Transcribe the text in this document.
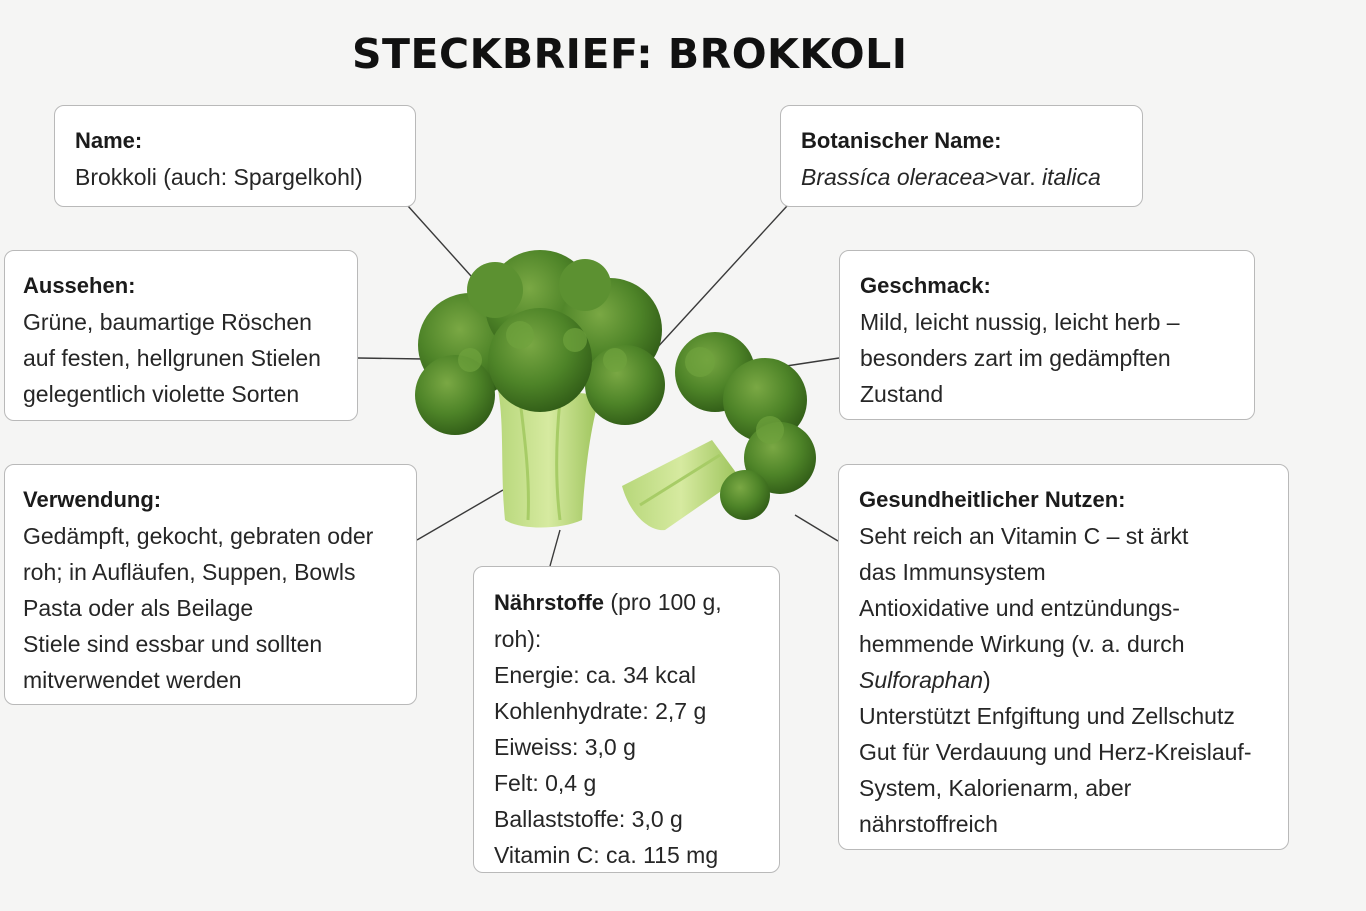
STECKBRIEF: BROKKOLI
Name:
Brokkoli (auch: Spargelkohl)
Botanischer Name:
Brassíca oleracea>var. italica
Aussehen:
Grüne, baumartige Röschen
auf festen, hellgrunen Stielen
gelegentlich violette Sorten
Geschmack:
Mild, leicht nussig, leicht herb –
besonders zart im gedämpften
Zustand
Verwendung:
Gedämpft, gekocht, gebraten oder
roh; in Aufläufen, Suppen, Bowls
Pasta oder als Beilage
Stiele sind essbar und sollten
mitverwendet werden
Nährstoffe (pro 100 g,
roh):
Energie: ca. 34 kcal
Kohlenhydrate: 2,7 g
Eiweiss: 3,0 g
Felt: 0,4 g
Ballaststoffe: 3,0 g
Vitamin C: ca. 115 mg
Gesundheitlicher Nutzen:
Seht reich an Vitamin C – st ärkt
das Immunsystem
Antioxidative und entzündungs-
hemmende Wirkung (v. a. durch
Sulforaphan)
Unterstützt Enfgiftung und Zellschutz
Gut für Verdauung und Herz-Kreislauf-
System, Kalorienarm, aber
nährstoffreich
